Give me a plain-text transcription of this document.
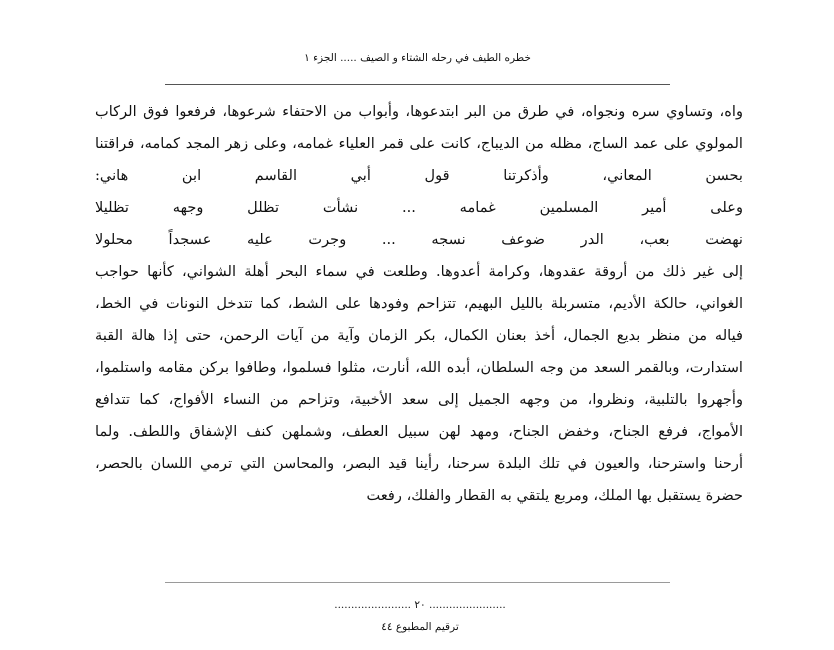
خطره الطيف في رحله الشتاء و الصيف ..... الجزء ١
واه، وتساوي سره ونجواه، في طرق من البر ابتدعوها، وأبواب من الاحتفاء شرعوها، فرفعوا فوق الركاب
المولوي على عمد الساج، مظله من الديباج، كانت على قمر العلياء غمامه، وعلى زهر المجد كمامه، فراقتنا
بحسن المعاني، وأذكرتنا قول أبي القاسم ابن هاني:
وعلى أمير المسلمين غمامه ... نشأت تظلل وجهه تظليلا
نهضت بعب، الدر ضوعف نسجه ... وجرت عليه عسجداً محلولا
إلى غير ذلك من أروقة عقدوها، وكرامة أعدوها. وطلعت في سماء البحر أهلة الشواني، كأنها حواجب
الغواني، حالكة الأديم، متسربلة بالليل البهيم، تتزاحم وفودها على الشط، كما تتدخل النونات في الخط،
فياله من منظر بديع الجمال، أخذ بعنان الكمال، بكر الزمان وآية من آيات الرحمن، حتى إذا هالة القبة
استدارت، وبالقمر السعد من وجه السلطان، أبده الله، أنارت، مثلوا فسلموا، وطافوا بركن مقامه واستلموا،
وأجهروا بالتلبية، ونظروا، من وجهه الجميل إلى سعد الأخبية، وتزاحم من النساء الأفواج، كما تتدافع
الأمواج، فرفع الجناح، وخفض الجناح، ومهد لهن سبيل العطف، وشملهن كنف الإشفاق واللطف. ولما
أرحنا واسترحنا، والعيون في تلك البلدة سرحنا، رأينا قيد البصر، والمحاسن التي ترمي اللسان بالحصر،
حضرة يستقبل بها الملك، ومربع يلتقي به القطار والفلك، رفعت
....................... ٢٠ .......................
ترقيم المطبوع ٤٤
